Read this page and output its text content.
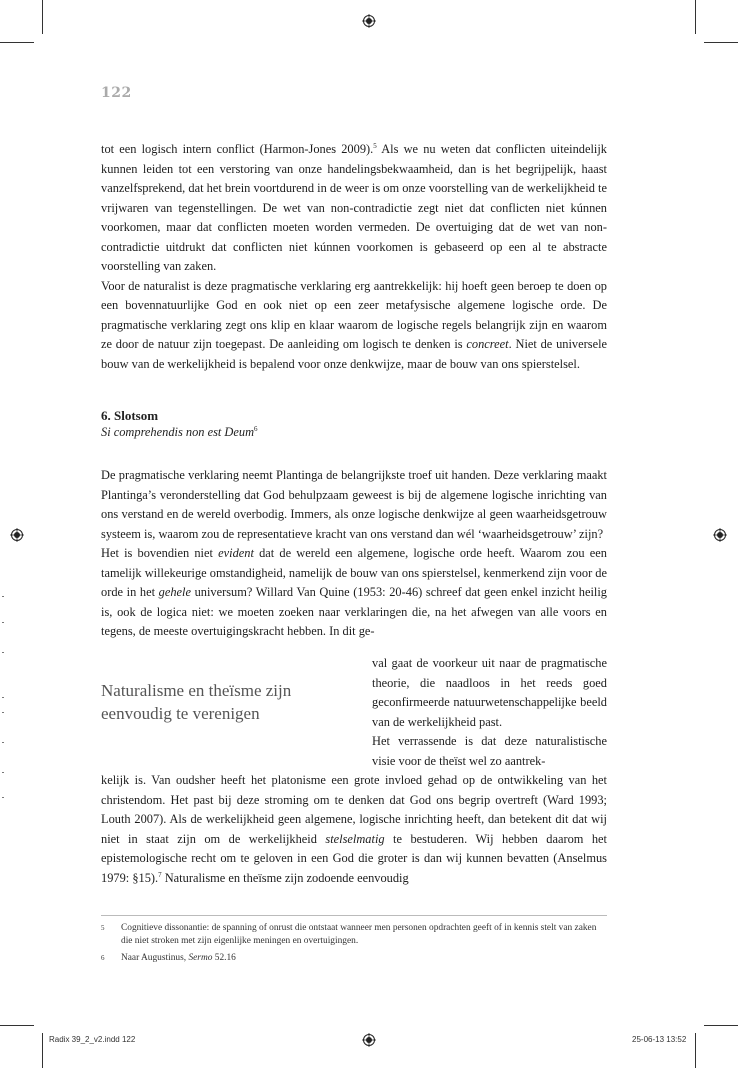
122

tot een logisch intern conflict (Harmon-Jones 2009).$^5$ Als we nu weten dat conflicten uiteindelijk kunnen leiden tot een verstoring van onze handelingsbekwaamheid, dan is het begrijpelijk, haast vanzelfsprekend, dat het brein voortdurend in de weer is om onze voorstelling van de werkelijkheid te vrijwaren van tegenstellingen. De wet van non-contradictie zegt niet dat conflicten niet kúnnen voorkomen, maar dat conflicten moeten worden vermeden. De overtuiging dat de wet van non-contradictie uitdrukt dat conflicten niet kúnnen voorkomen is gebaseerd op een al te abstracte voorstelling van zaken.

Voor de naturalist is deze pragmatische verklaring erg aantrekkelijk: hij hoeft geen beroep te doen op een bovennatuurlijke God en ook niet op een zeer metafysische algemene logische orde. De pragmatische verklaring zegt ons klip en klaar waarom de logische regels belangrijk zijn en waarom ze door de natuur zijn toegepast. De aanleiding om logisch te denken is concreet. Niet de universele bouw van de werkelijkheid is bepalend voor onze denkwijze, maar de bouw van ons spierstelsel.

6. Slotsom
Si comprehendis non est Deum$^6$

De pragmatische verklaring neemt Plantinga de belangrijkste troef uit handen. Deze verklaring maakt Plantinga’s veronderstelling dat God behulpzaam geweest is bij de algemene logische inrichting van ons verstand en de wereld overbodig. Immers, als onze logische denkwijze al geen waarheidsgetrouw systeem is, waarom zou de representatieve kracht van ons verstand dan wél ‘waarheidsgetrouw’ zijn?

Het is bovendien niet evident dat de wereld een algemene, logische orde heeft. Waarom zou een tamelijk willekeurige omstandigheid, namelijk de bouw van ons spierstelsel, kenmerkend zijn voor de orde in het gehele universum? Willard Van Quine (1953: 20-46) schreef dat geen enkel inzicht heilig is, ook de logica niet: we moeten zoeken naar verklaringen die, na het afwegen van alle voors en tegens, de meeste overtuigingskracht hebben. In dit ge-

Naturalisme en theïsme zijn eenvoudig te verenigen
val gaat de voorkeur uit naar de pragmatische theorie, die naadloos in het reeds goed geconfirmeerde natuurwetenschappelijke beeld van de werkelijkheid past.
Het verrassende is dat deze naturalistische visie voor de theïst wel zo aantrek-

kelijk is. Van oudsher heeft het platonisme een grote invloed gehad op de ontwikkeling van het christendom. Het past bij deze stroming om te denken dat God ons begrip overtreft (Ward 1993; Louth 2007). Als de werkelijkheid geen algemene, logische inrichting heeft, dan betekent dit dat wij niet in staat zijn om de werkelijkheid stelselmatig te bestuderen. Wij hebben daarom het epistemologische recht om te geloven in een God die groter is dan wij kunnen bevatten (Anselmus 1979: §15).$^7$ Naturalisme en theïsme zijn zodoende eenvoudig

5 Cognitieve dissonantie: de spanning of onrust die ontstaat wanneer men personen opdrachten geeft of in kennis stelt van zaken die niet stroken met zijn eigenlijke meningen en overtuigingen.
6 Naar Augustinus, Sermo 52.16
Radix 39_2_v2.indd 122	25-06-13 13:52
